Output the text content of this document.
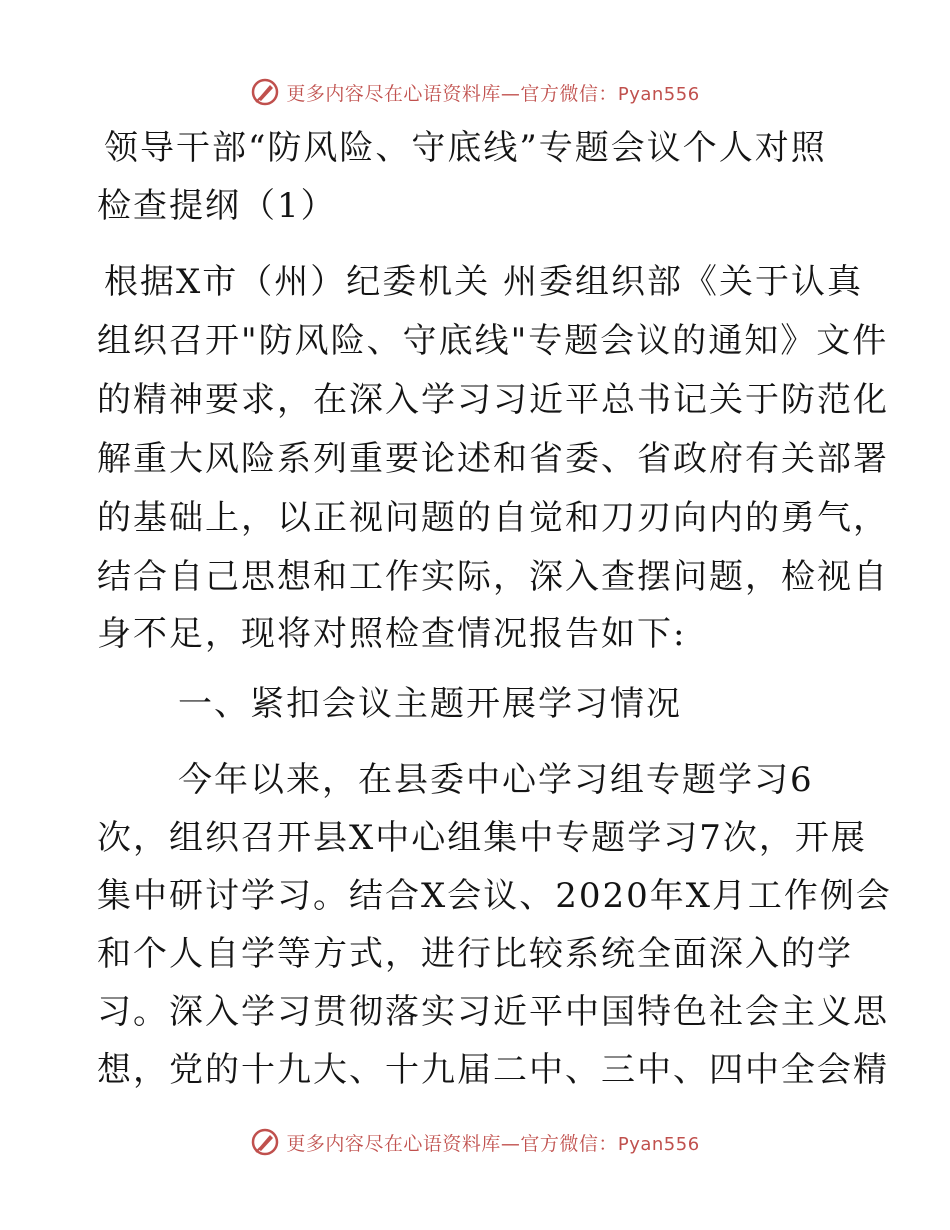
更多内容尽在心语资料库—官方微信：Pyan556
领导干部“防风险、守底线”专题会议个人对照
检查提纲（1）

根据X市（州）纪委机关 州委组织部《关于认真

组织召开"防风险、守底线"专题会议的通知》文件

的精神要求，在深入学习习近平总书记关于防范化

解重大风险系列重要论述和省委、省政府有关部署

的基础上，以正视问题的自觉和刀刃向内的勇气，

结合自己思想和工作实际，深入查摆问题，检视自

身不足，现将对照检查情况报告如下:

一、紧扣会议主题开展学习情况

今年以来，在县委中心学习组专题学习6

次，组织召开县X中心组集中专题学习7次，开展

集中研讨学习。结合X会议、2020年X月工作例会

和个人自学等方式，进行比较系统全面深入的学

习。深入学习贯彻落实习近平中国特色社会主义思

想，党的十九大、十九届二中、三中、四中全会精

更多内容尽在心语资料库—官方微信：Pyan556
